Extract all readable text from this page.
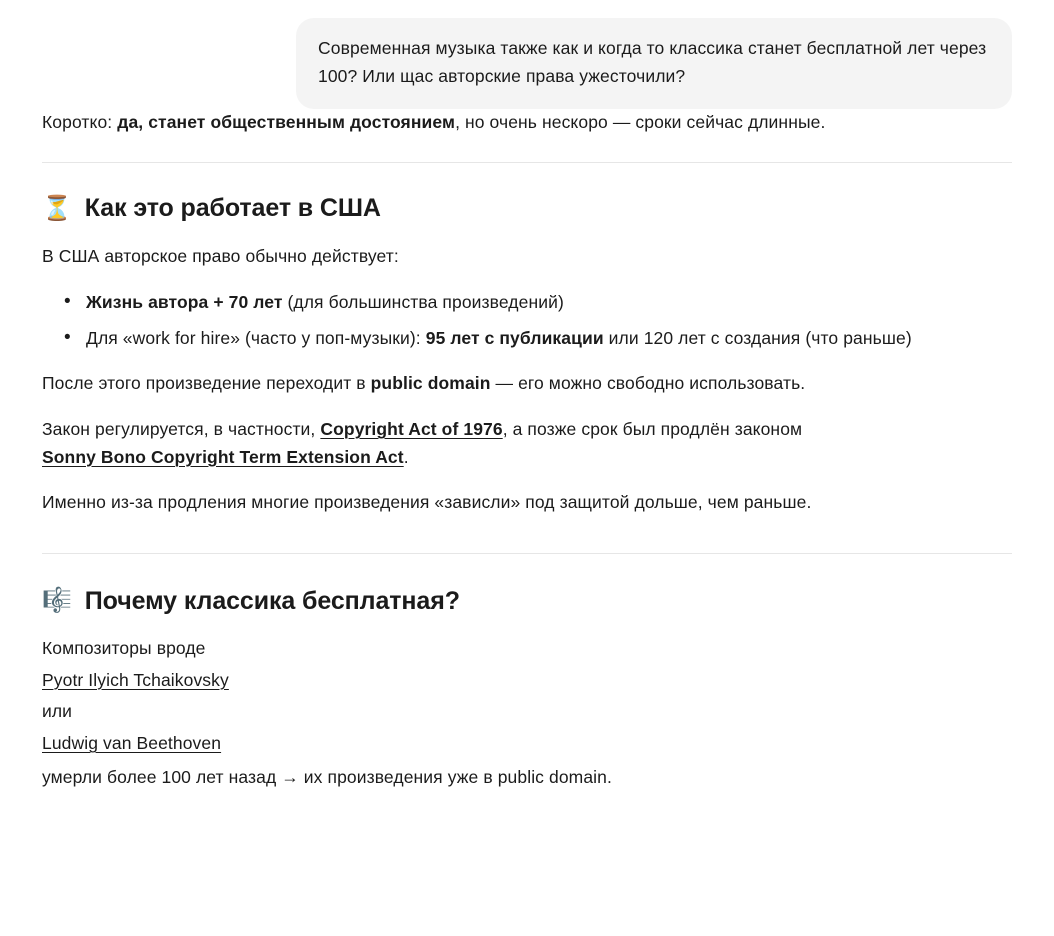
Современная музыка также как и когда то классика станет бесплатной лет через 100? Или щас авторские права ужесточили?

Коротко: да, станет общественным достоянием, но очень нескоро — сроки сейчас длинные.

⏳ Как это работает в США

В США авторское право обычно действует:

• Жизнь автора + 70 лет (для большинства произведений)
• Для «work for hire» (часто у поп-музыки): 95 лет с публикации или 120 лет с создания (что раньше)

После этого произведение переходит в public domain — его можно свободно использовать.

Закон регулируется, в частности, Copyright Act of 1976, а позже срок был продлён законом
Sonny Bono Copyright Term Extension Act.

Именно из-за продления многие произведения «зависли» под защитой дольше, чем раньше.

🎼 Почему классика бесплатная?

Композиторы вроде

Pyotr Ilyich Tchaikovsky

или

Ludwig van Beethoven

умерли более 100 лет назад → их произведения уже в public domain.
